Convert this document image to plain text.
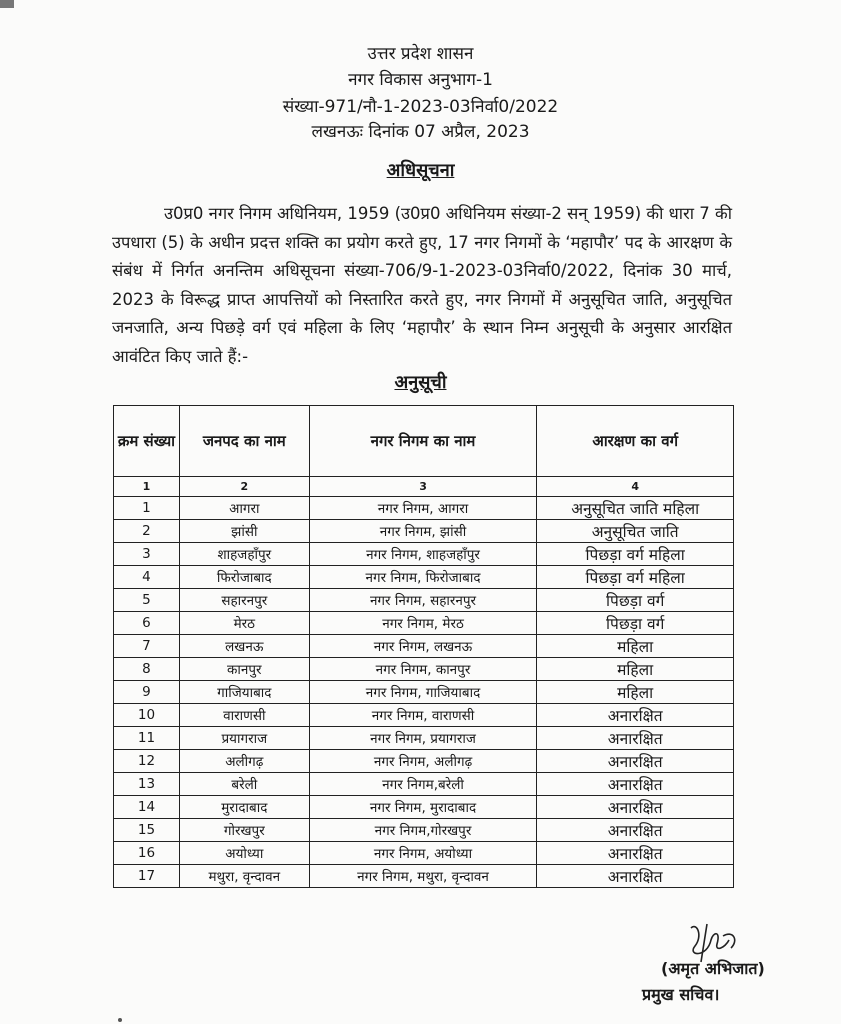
उत्तर प्रदेश शासन
नगर विकास अनुभाग-1
संख्या-971/नौ-1-2023-03निर्वा0/2022
लखनऊः दिनांक 07 अप्रैल, 2023
अधिसूचना
उ0प्र0 नगर निगम अधिनियम, 1959 (उ0प्र0 अधिनियम संख्या-2 सन् 1959) की धारा 7 की उपधारा (5) के अधीन प्रदत्त शक्ति का प्रयोग करते हुए, 17 नगर निगमों के ‘महापौर’ पद के आरक्षण के संबंध में निर्गत अनन्तिम अधिसूचना संख्या-706/9-1-2023-03निर्वा0/2022, दिनांक 30 मार्च, 2023 के विरूद्ध प्राप्त आपत्तियों को निस्तारित करते हुए, नगर निगमों में अनुसूचित जाति, अनुसूचित जनजाति, अन्य पिछड़े वर्ग एवं महिला के लिए ‘महापौर’ के स्थान निम्न अनुसूची के अनुसार आरक्षित आवंटित किए जाते हैं:-
अनुसूची
क्रम संख्या	जनपद का नाम	नगर निगम का नाम	आरक्षण का वर्ग
1	2	3	4
1	आगरा	नगर निगम, आगरा	अनुसूचित जाति महिला
2	झांसी	नगर निगम, झांसी	अनुसूचित जाति
3	शाहजहाँपुर	नगर निगम, शाहजहाँपुर	पिछड़ा वर्ग महिला
4	फिरोजाबाद	नगर निगम, फिरोजाबाद	पिछड़ा वर्ग महिला
5	सहारनपुर	नगर निगम, सहारनपुर	पिछड़ा वर्ग
6	मेरठ	नगर निगम, मेरठ	पिछड़ा वर्ग
7	लखनऊ	नगर निगम, लखनऊ	महिला
8	कानपुर	नगर निगम, कानपुर	महिला
9	गाजियाबाद	नगर निगम, गाजियाबाद	महिला
10	वाराणसी	नगर निगम, वाराणसी	अनारक्षित
11	प्रयागराज	नगर निगम, प्रयागराज	अनारक्षित
12	अलीगढ़	नगर निगम, अलीगढ़	अनारक्षित
13	बरेली	नगर निगम,बरेली	अनारक्षित
14	मुरादाबाद	नगर निगम, मुरादाबाद	अनारक्षित
15	गोरखपुर	नगर निगम,गोरखपुर	अनारक्षित
16	अयोध्या	नगर निगम, अयोध्या	अनारक्षित
17	मथुरा, वृन्दावन	नगर निगम, मथुरा, वृन्दावन	अनारक्षित
(अमृत अभिजात)
प्रमुख सचिव।
